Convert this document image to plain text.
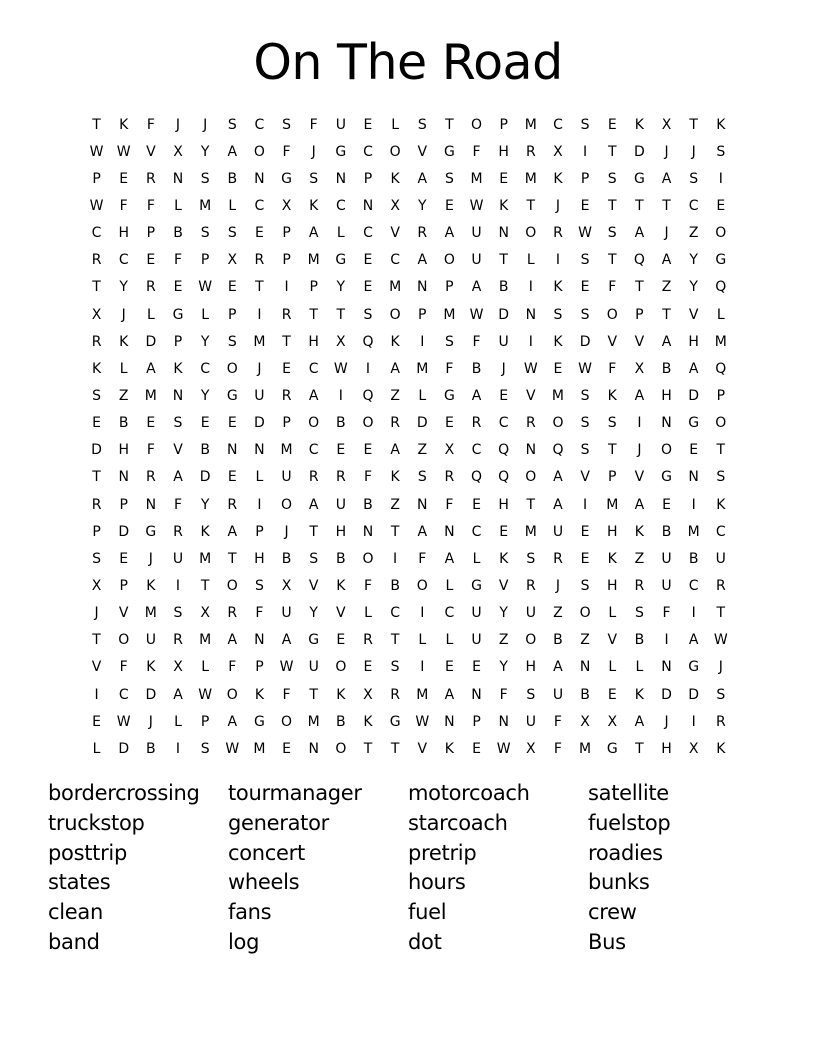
On The Road
T	K	F	J	J	S	C	S	F	U	E	L	S	T	O	P	M	C	S	E	K	X	T	K
W W	V	X	Y	A	O	F	J	G	C	O	V	G	F	H	R	X	I	T	D	J	J	S
P	E	R	N	S	B	N	G	S	N	P	K	A	S	M	E	M	K	P	S	G	A	S	I
W	F	F	L	M	L	C	X	K	C	N	X	Y	E	W	K	T	J	E	T	T	T	C	E
C	H	P	B	S	S	E	P	A	L	C	V	R	A	U	N	O	R	W	S	A	J	Z	O
R	C	E	F	P	X	R	P	M	G	E	C	A	O	U	T	L	I	S	T	Q	A	Y	G
T	Y	R	E	W	E	T	I	P	Y	E	M	N	P	A	B	I	K	E	F	T	Z	Y	Q
X	J	L	G	L	P	I	R	T	T	S	O	P	M	W	D	N	S	S	O	P	T	V	L
R	K	D	P	Y	S	M	T	H	X	Q	K	I	S	F	U	I	K	D	V	V	A	H	M
K	L	A	K	C	O	J	E	C	W	I	A	M	F	B	J	W	E	W	F	X	B	A	Q
S	Z	M	N	Y	G	U	R	A	I	Q	Z	L	G	A	E	V	M	S	K	A	H	D	P
E	B	E	S	E	E	D	P	O	B	O	R	D	E	R	C	R	O	S	S	I	N	G	O
D	H	F	V	B	N	N	M	C	E	E	A	Z	X	C	Q	N	Q	S	T	J	O	E	T
T	N	R	A	D	E	L	U	R	R	F	K	S	R	Q	Q	O	A	V	P	V	G	N	S
R	P	N	F	Y	R	I	O	A	U	B	Z	N	F	E	H	T	A	I	M	A	E	I	K
P	D	G	R	K	A	P	J	T	H	N	T	A	N	C	E	M	U	E	H	K	B	M	C
S	E	J	U	M	T	H	B	S	B	O	I	F	A	L	K	S	R	E	K	Z	U	B	U
X	P	K	I	T	O	S	X	V	K	F	B	O	L	G	V	R	J	S	H	R	U	C	R
J	V	M	S	X	R	F	U	Y	V	L	C	I	C	U	Y	U	Z	O	L	S	F	I	T
T	O	U	R	M	A	N	A	G	E	R	T	L	L	U	Z	O	B	Z	V	B	I	A	W
V	F	K	X	L	F	P	W	U	O	E	S	I	E	E	Y	H	A	N	L	L	N	G	J
I	C	D	A	W	O	K	F	T	K	X	R	M	A	N	F	S	U	B	E	K	D	D	S
E	W	J	L	P	A	G	O	M	B	K	G	W	N	P	N	U	F	X	X	A	J	I	R
L	D	B	I	S	W	M	E	N	O	T	T	V	K	E	W	X	F	M	G	T	H	X	K
bordercrossing	tourmanager	motorcoach	satellite
truckstop	generator	starcoach	fuelstop
posttrip	concert	pretrip	roadies
states	wheels	hours	bunks
clean	fans	fuel	crew
band	log	dot	Bus
